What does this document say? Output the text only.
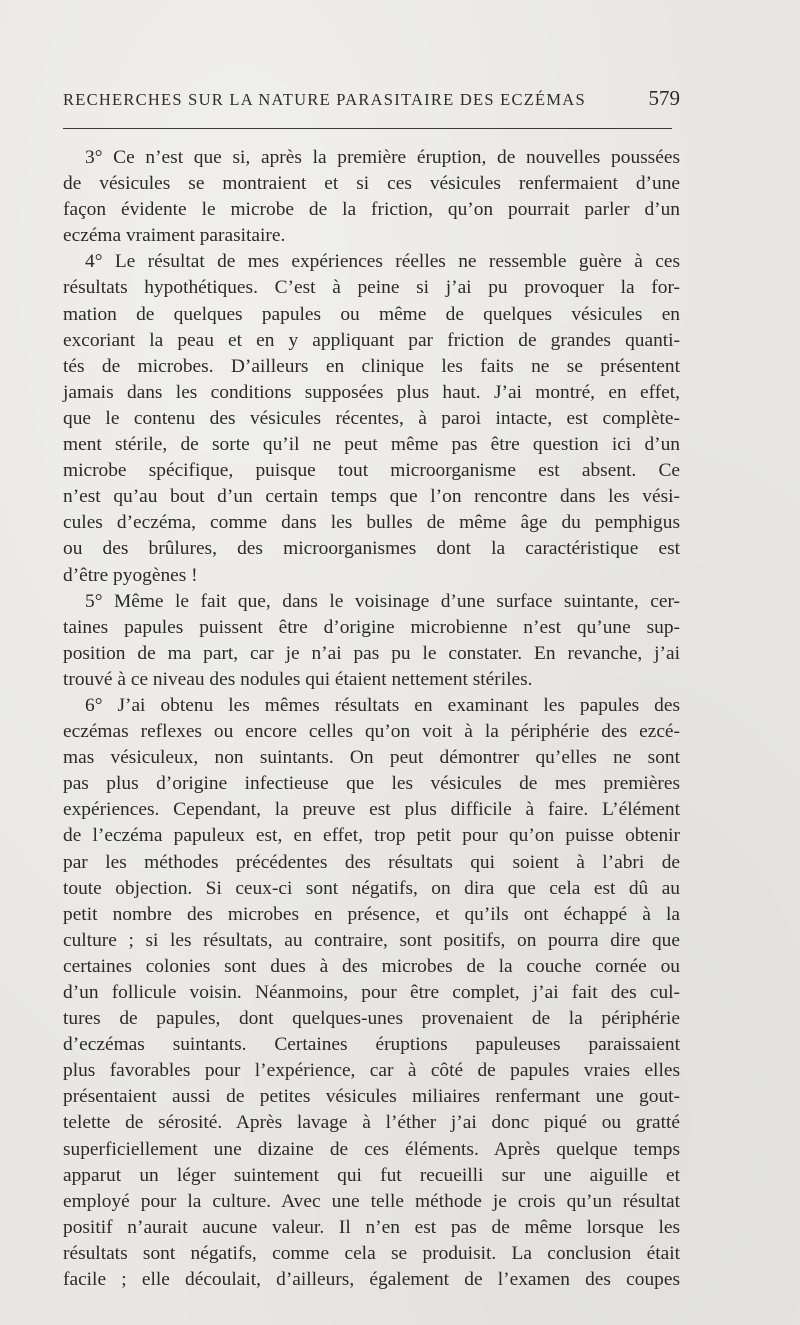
RECHERCHES SUR LA NATURE PARASITAIRE DES ECZÉMAS	579
3° Ce n’est que si, après la première éruption, de nouvelles poussées
de vésicules se montraient et si ces vésicules renfermaient d’une
façon évidente le microbe de la friction, qu’on pourrait parler d’un
eczéma vraiment parasitaire.
4° Le résultat de mes expériences réelles ne ressemble guère à ces
résultats hypothétiques. C’est à peine si j’ai pu provoquer la for-
mation de quelques papules ou même de quelques vésicules en
excoriant la peau et en y appliquant par friction de grandes quanti-
tés de microbes. D’ailleurs en clinique les faits ne se présentent
jamais dans les conditions supposées plus haut. J’ai montré, en effet,
que le contenu des vésicules récentes, à paroi intacte, est complète-
ment stérile, de sorte qu’il ne peut même pas être question ici d’un
microbe spécifique, puisque tout microorganisme est absent. Ce
n’est qu’au bout d’un certain temps que l’on rencontre dans les vési-
cules d’eczéma, comme dans les bulles de même âge du pemphigus
ou des brûlures, des microorganismes dont la caractéristique est
d’être pyogènes !
5° Même le fait que, dans le voisinage d’une surface suintante, cer-
taines papules puissent être d’origine microbienne n’est qu’une sup-
position de ma part, car je n’ai pas pu le constater. En revanche, j’ai
trouvé à ce niveau des nodules qui étaient nettement stériles.
6° J’ai obtenu les mêmes résultats en examinant les papules des
eczémas reflexes ou encore celles qu’on voit à la périphérie des ezcé-
mas vésiculeux, non suintants. On peut démontrer qu’elles ne sont
pas plus d’origine infectieuse que les vésicules de mes premières
expériences. Cependant, la preuve est plus difficile à faire. L’élément
de l’eczéma papuleux est, en effet, trop petit pour qu’on puisse obtenir
par les méthodes précédentes des résultats qui soient à l’abri de
toute objection. Si ceux-ci sont négatifs, on dira que cela est dû au
petit nombre des microbes en présence, et qu’ils ont échappé à la
culture ; si les résultats, au contraire, sont positifs, on pourra dire que
certaines colonies sont dues à des microbes de la couche cornée ou
d’un follicule voisin. Néanmoins, pour être complet, j’ai fait des cul-
tures de papules, dont quelques-unes provenaient de la périphérie
d’eczémas suintants. Certaines éruptions papuleuses paraissaient
plus favorables pour l’expérience, car à côté de papules vraies elles
présentaient aussi de petites vésicules miliaires renfermant une gout-
telette de sérosité. Après lavage à l’éther j’ai donc piqué ou gratté
superficiellement une dizaine de ces éléments. Après quelque temps
apparut un léger suintement qui fut recueilli sur une aiguille et
employé pour la culture. Avec une telle méthode je crois qu’un résultat
positif n’aurait aucune valeur. Il n’en est pas de même lorsque les
résultats sont négatifs, comme cela se produisit. La conclusion était
facile ; elle découlait, d’ailleurs, également de l’examen des coupes
